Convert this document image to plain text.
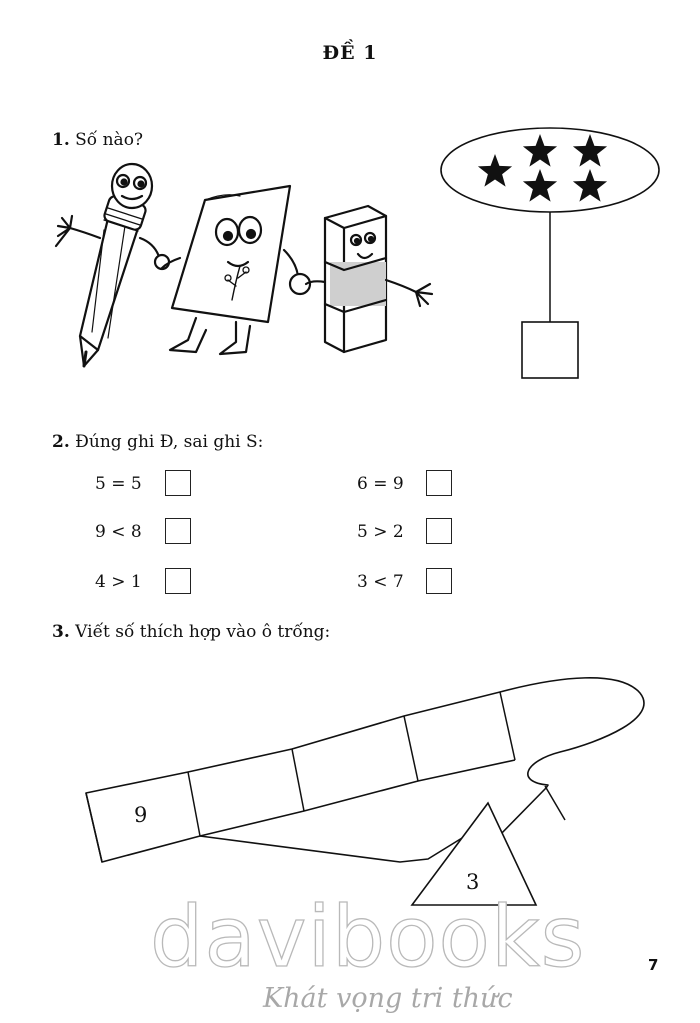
ĐỀ 1
1. Số nào?
2. Đúng ghi Đ, sai ghi S:
5 = 5
9 < 8
4 > 1
6 = 9
5 > 2
3 < 7
3. Viết số thích hợp vào ô trống:
9
3
davibooks
Khát vọng tri thức
7
